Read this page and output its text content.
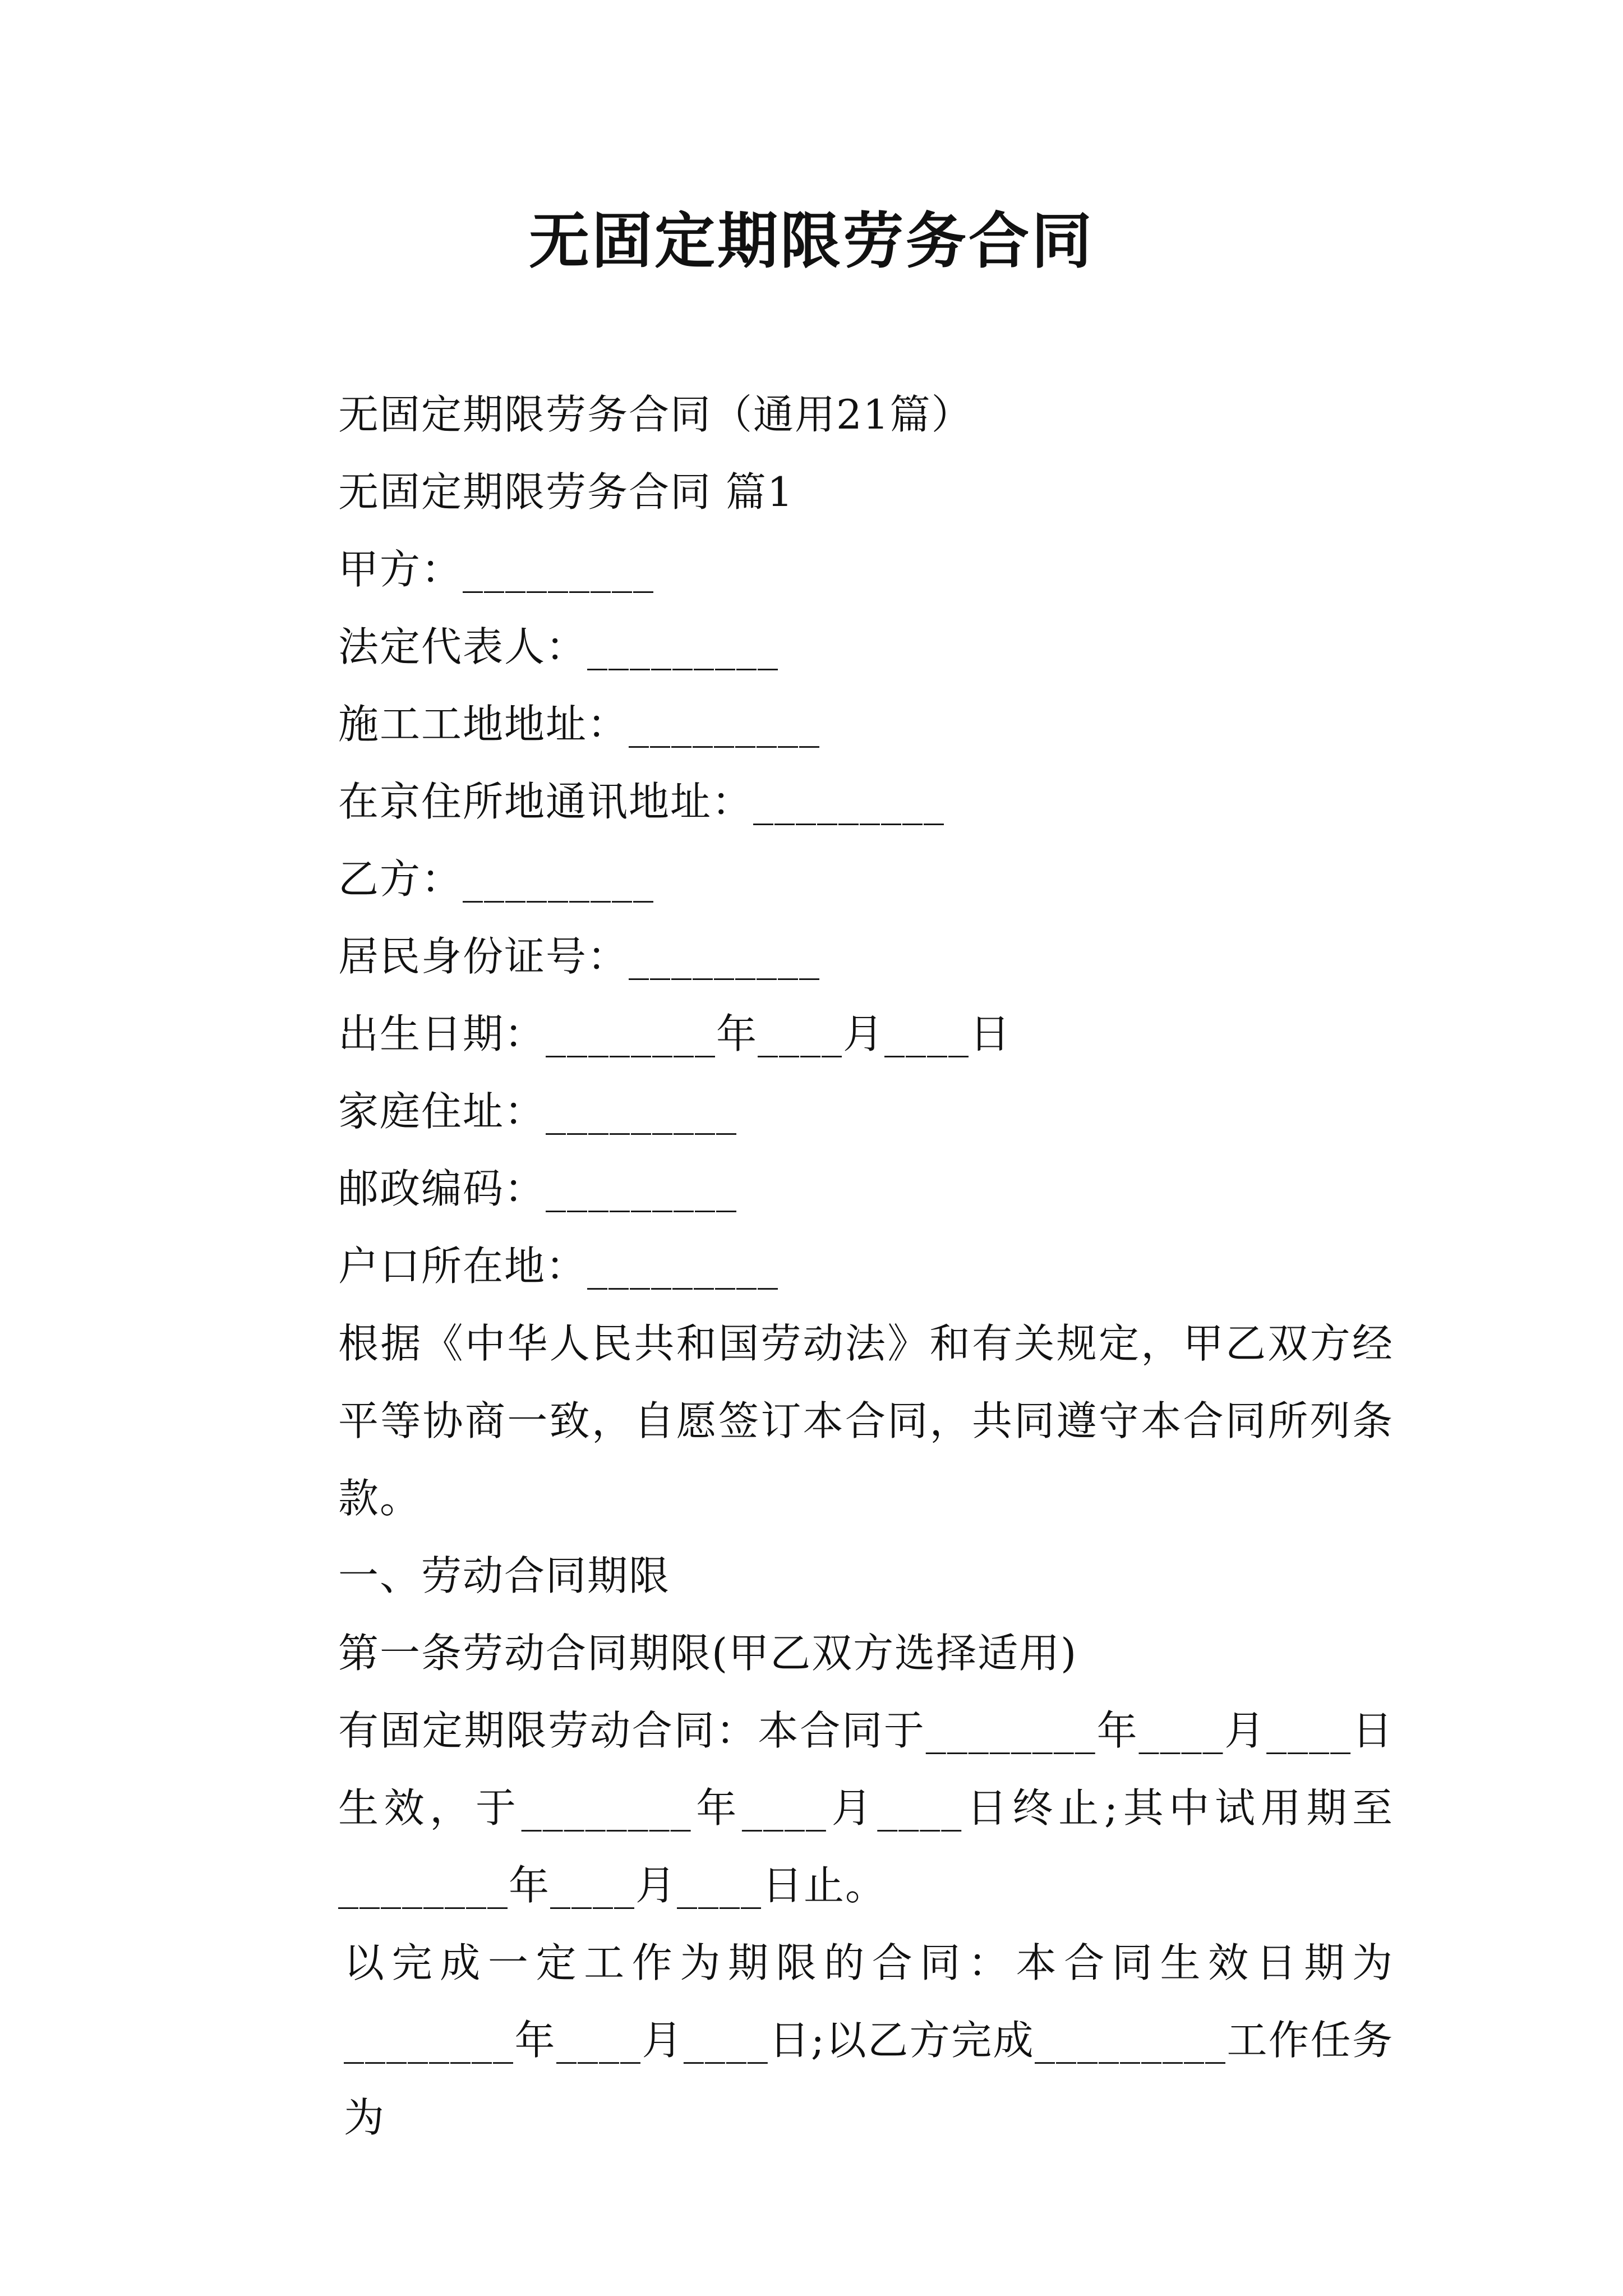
无固定期限劳务合同

无固定期限劳务合同（通用21篇）

无固定期限劳务合同 篇1

甲方：_________

法定代表人：_________

施工工地地址：_________

在京住所地通讯地址：_________

乙方：_________

居民身份证号：_________

出生日期：________年____月____日

家庭住址：_________

邮政编码：_________

户口所在地：_________

根据《中华人民共和国劳动法》和有关规定，甲乙双方经平等协商一致，自愿签订本合同，共同遵守本合同所列条款。

一、劳动合同期限

第一条劳动合同期限(甲乙双方选择适用)

有固定期限劳动合同：本合同于________年____月____日生效，于________年____月____日终止;其中试用期至________年____月____日止。

以完成一定工作为期限的合同：本合同生效日期为________年____月____日;以乙方完成_________工作任务为
